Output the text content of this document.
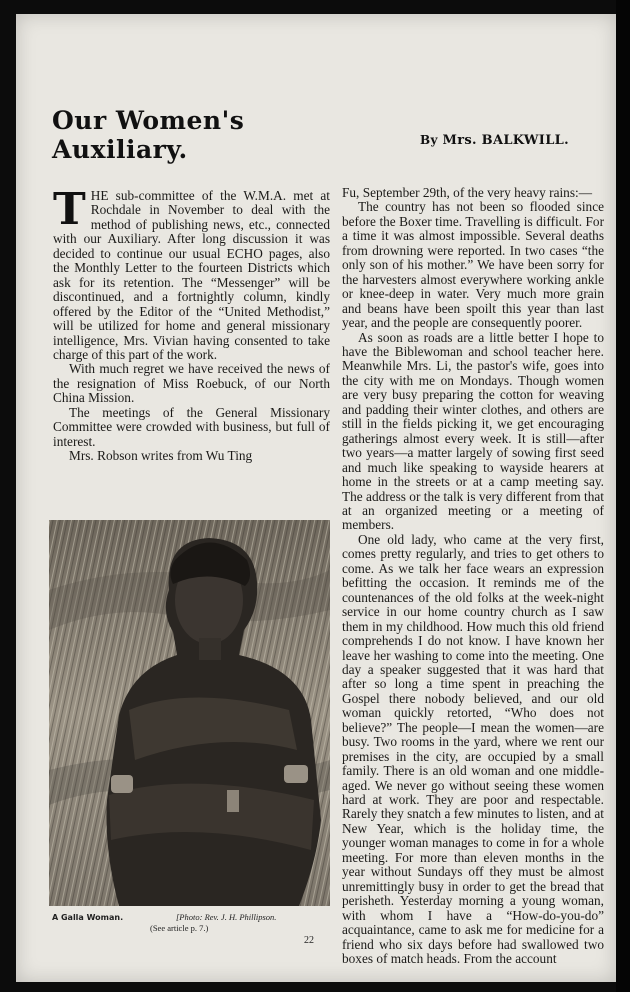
Our Women's
Auxiliary.	By Mrs. BALKWILL.

THE sub-committee of the W.M.A. met at Rochdale in November to deal with the method of publishing news, etc., connected with our Auxiliary. After long discussion it was decided to continue our usual ECHO pages, also the Monthly Letter to the fourteen Districts which ask for its retention. The “Messenger” will be discontinued, and a fortnightly column, kindly offered by the Editor of the “United Methodist,” will be utilized for home and general missionary intelligence, Mrs. Vivian having consented to take charge of this part of the work.

With much regret we have received the news of the resignation of Miss Roebuck, of our North China Mission.

The meetings of the General Missionary Committee were crowded with business, but full of interest.

Mrs. Robson writes from Wu Ting

A Galla Woman.	[Photo: Rev. J. H. Phillipson.
(See article p. 7.)

Fu, September 29th, of the very heavy rains:—

The country has not been so flooded since before the Boxer time. Travelling is difficult. For a time it was almost impossible. Several deaths from drowning were reported. In two cases “the only son of his mother.” We have been sorry for the harvesters almost everywhere working ankle or knee-deep in water. Very much more grain and beans have been spoilt this year than last year, and the people are consequently poorer.

As soon as roads are a little better I hope to have the Biblewoman and school teacher here. Meanwhile Mrs. Li, the pastor's wife, goes into the city with me on Mondays. Though women are very busy preparing the cotton for weaving and padding their winter clothes, and others are still in the fields picking it, we get encouraging gatherings almost every week. It is still—after two years—a matter largely of sowing first seed and much like speaking to wayside hearers at home in the streets or at a camp meeting say. The address or the talk is very different from that at an organized meeting or a meeting of members.

One old lady, who came at the very first, comes pretty regularly, and tries to get others to come. As we talk her face wears an expression befitting the occasion. It reminds me of the countenances of the old folks at the week-night service in our home country church as I saw them in my childhood. How much this old friend comprehends I do not know. I have known her leave her washing to come into the meeting. One day a speaker suggested that it was hard that after so long a time spent in preaching the Gospel there nobody believed, and our old woman quickly retorted, “Who does not believe?” The people—I mean the women—are busy. Two rooms in the yard, where we rent our premises in the city, are occupied by a small family. There is an old woman and one middle-aged. We never go without seeing these women hard at work. They are poor and respectable. Rarely they snatch a few minutes to listen, and at New Year, which is the holiday time, the younger woman manages to come in for a whole meeting. For more than eleven months in the year without Sundays off they must be almost unremittingly busy in order to get the bread that perisheth. Yesterday morning a young woman, with whom I have a “How-do-you-do” acquaintance, came to ask me for medicine for a friend who six days before had swallowed two boxes of match heads. From the account

22
